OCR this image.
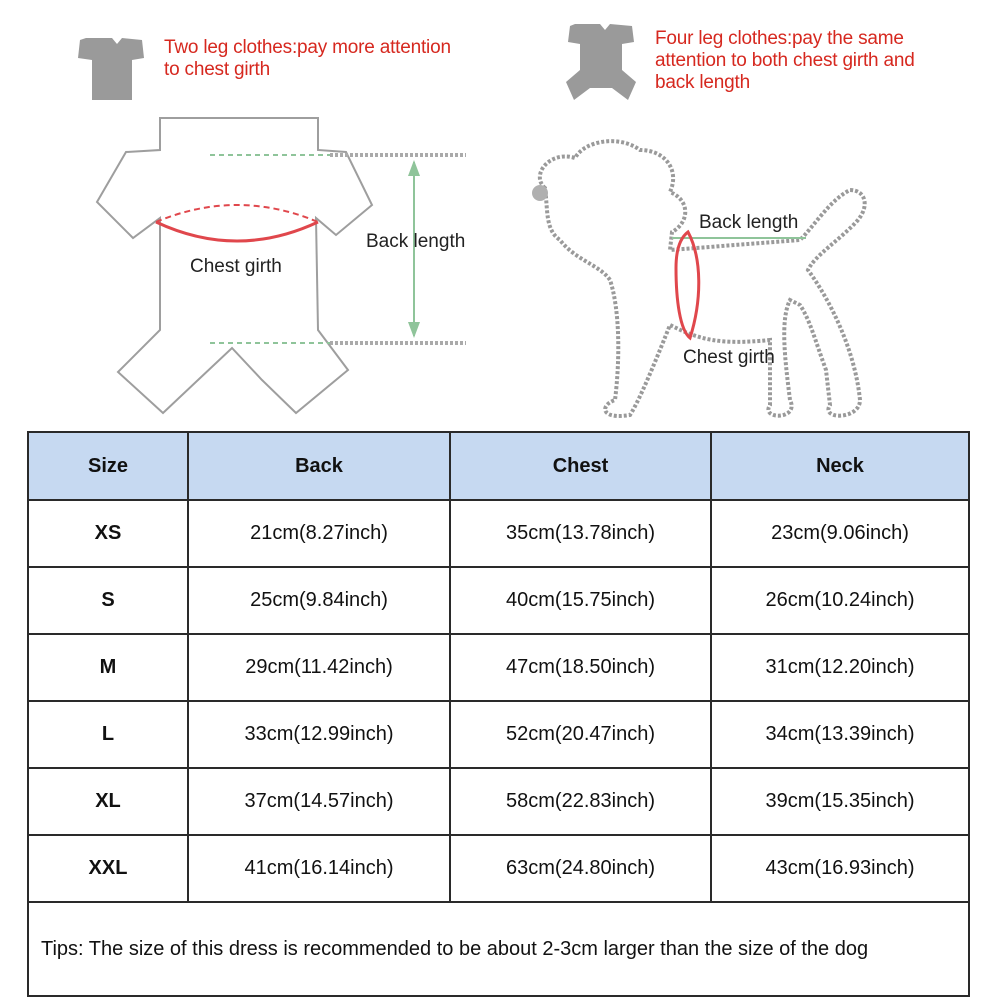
Two leg clothes:pay more attention
to chest girth
Four leg clothes:pay the same
attention to both chest girth and
back length
Chest girth
Back length
Back length
Chest girth
Size	Back	Chest	Neck
XS	21cm(8.27inch)	35cm(13.78inch)	23cm(9.06inch)
S	25cm(9.84inch)	40cm(15.75inch)	26cm(10.24inch)
M	29cm(11.42inch)	47cm(18.50inch)	31cm(12.20inch)
L	33cm(12.99inch)	52cm(20.47inch)	34cm(13.39inch)
XL	37cm(14.57inch)	58cm(22.83inch)	39cm(15.35inch)
XXL	41cm(16.14inch)	63cm(24.80inch)	43cm(16.93inch)
Tips: The size of this dress is recommended to be about 2-3cm larger than the size of the dog			
